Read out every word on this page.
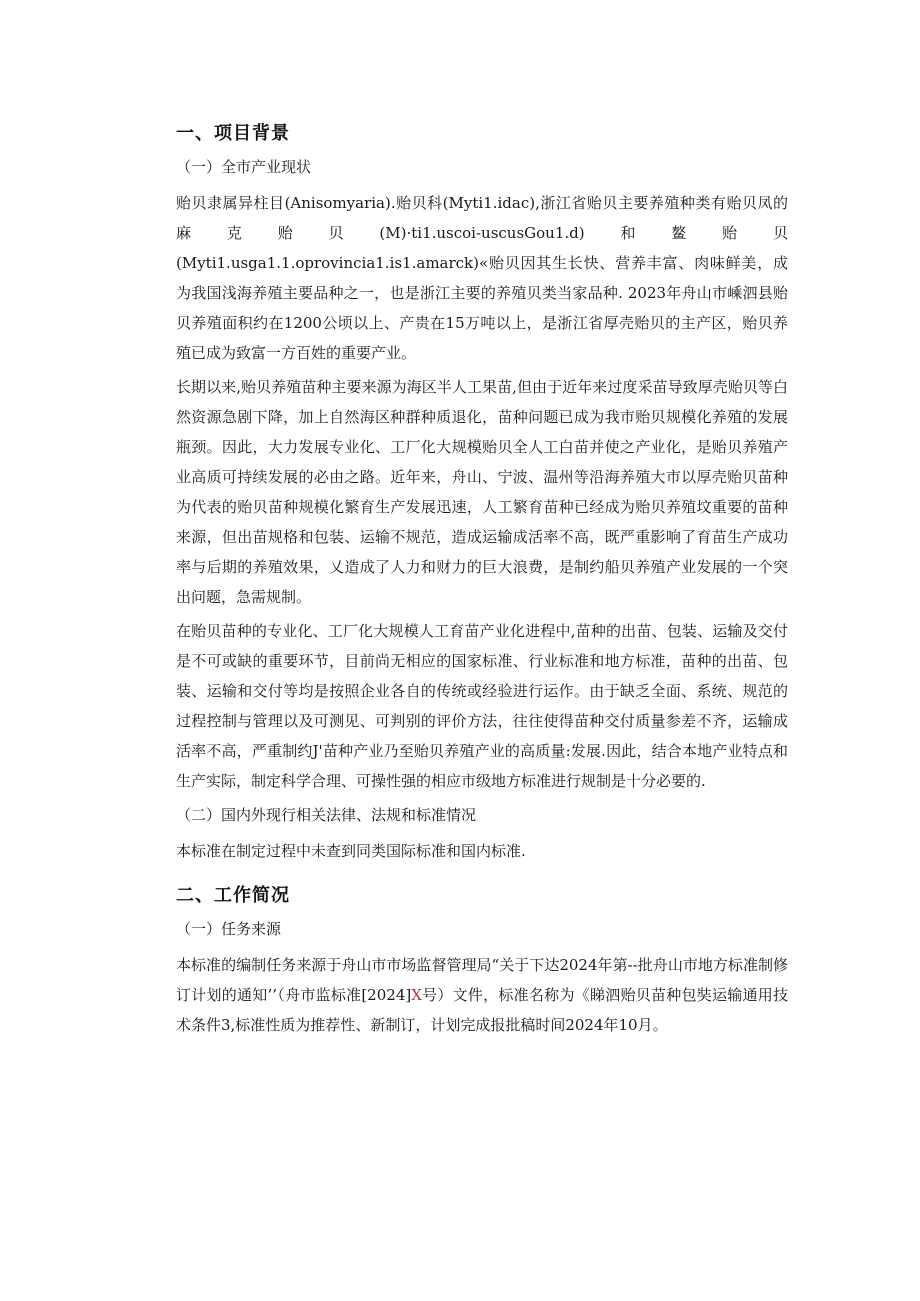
一、项目背景
（一）全市产业现状

贻贝隶属异柱目(Anisomyaria).贻贝科(Myti1.idac),浙江省贻贝主要养殖种类有贻贝凤的麻克贻贝(M)·ti1.uscoi-uscusGou1.d)和鳌贻贝(Myti1.usga1.1.oprovincia1.is1.amarck)«贻贝因其生长快、营养丰富、肉味鲜美，成为我国浅海养殖主要品种之一，也是浙江主要的养殖贝类当家品种. 2023年舟山市嵊泗县贻贝养殖面积约在1200公顷以上、产贵在15万吨以上，是浙江省厚壳贻贝的主产区，贻贝养殖已成为致富一方百姓的重要产业。

长期以来,贻贝养殖苗种主要来源为海区半人工果苗,但由于近年来过度采苗导致厚壳贻贝等白然资源急剧下降，加上自然海区种群种质退化，苗种问题已成为我市贻贝规模化养殖的发展瓶颈。因此，大力发展专业化、工厂化大规模贻贝全人工白苗并使之产业化，是贻贝养殖产业高质可持续发展的必由之路。近年来，舟山、宁波、温州等沿海养殖大市以厚壳贻贝苗种为代表的贻贝苗种规模化繁育生产发展迅速，人工繁育苗种已经成为贻贝养殖坟重要的苗种来源，但出苗规格和包装、运输不规范，造成运输成活率不高，既严重影响了育苗生产成功率与后期的养殖效果，乂造成了人力和财力的巨大浪费，是制约船贝养殖产业发展的一个突出问题，急需规制。

在贻贝苗种的专业化、工厂化大规模人工育苗产业化进程中,苗种的出苗、包装、运输及交付是不可或缺的重要环节，目前尚无相应的国家标准、行业标准和地方标准，苗种的出苗、包装、运输和交付等均是按照企业各自的传统或经验进行运作。由于缺乏全面、系统、规范的过程控制与管理以及可测见、可判别的评价方法，往往使得苗种交付质量参差不齐，运输成活率不高，严重制约J'苗种产业乃至贻贝养殖产业的高质量:发展.因此，结合本地产业特点和生产实际，制定科学合理、可操性强的相应市级地方标准进行规制是十分必要的.

（二）国内外现行相关法律、法规和标准情况

本标准在制定过程中未查到同类国际标准和国内标准.

二、工作简况
（一）任务来源

本标准的编制任务来源于舟山市市场监督管理局“关于下达2024年第--批舟山市地方标准制修订计划的通知’’（舟市监标准[2024]X号）文件，标准名称为《睇泗贻贝苗种包奘运输通用技术条件3,标准性质为推荐性、新制订，计划完成报批稿时间2024年10月。
